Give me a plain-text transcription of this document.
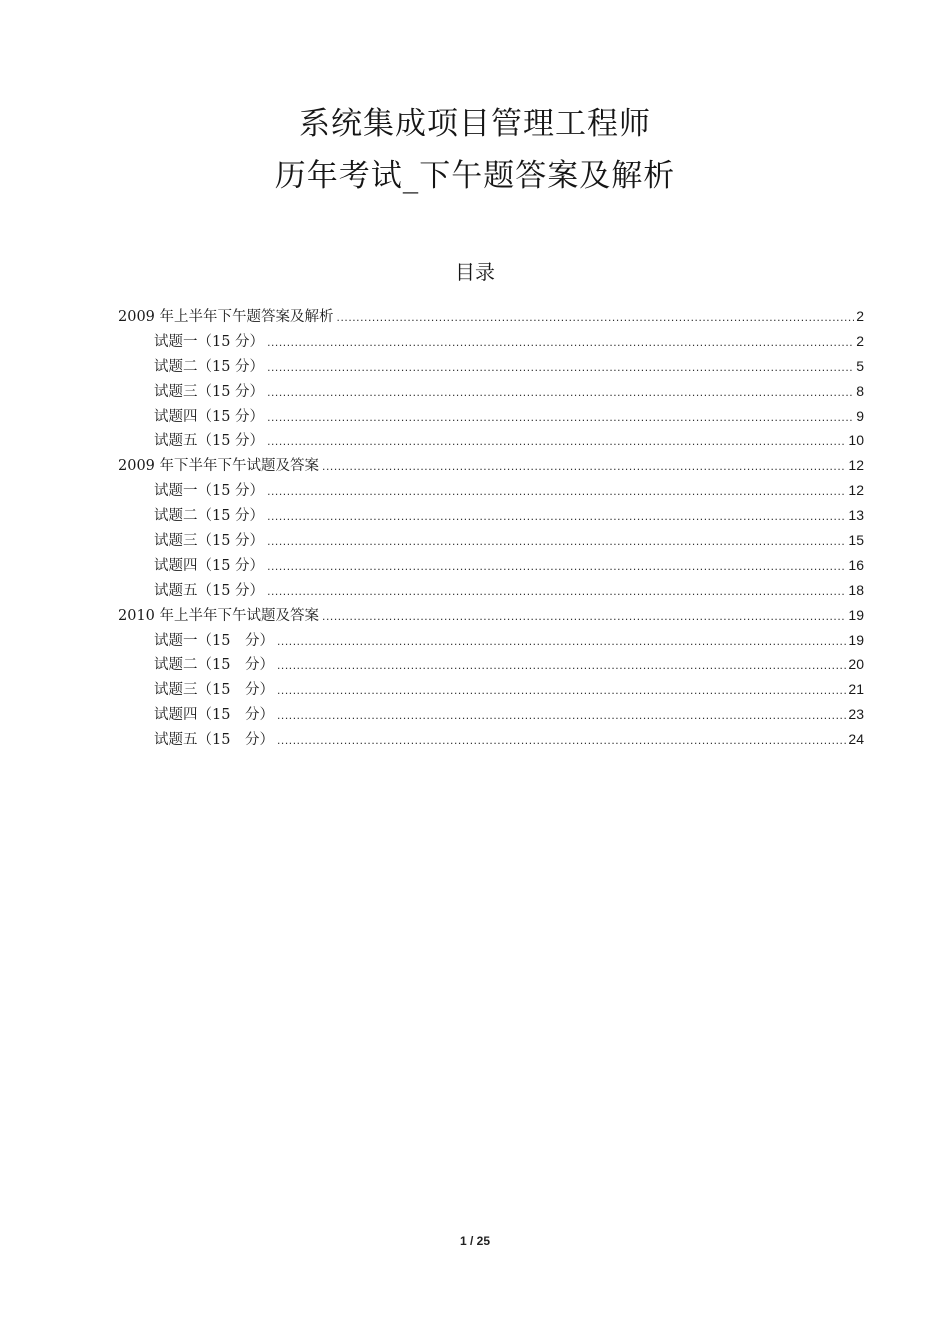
系统集成项目管理工程师
历年考试_下午题答案及解析
目录
2009 年上半年下午题答案及解析 .....	2
试题一（15 分） .....	2
试题二（15 分） .....	5
试题三（15 分） .....	8
试题四（15 分） .....	9
试题五（15 分） .....	10
2009 年下半年下午试题及答案 .....	12
试题一（15 分） .....	12
试题二（15 分） .....	13
试题三（15 分） .....	15
试题四（15 分） .....	16
试题五（15 分） .....	18
2010 年上半年下午试题及答案 .....	19
试题一（15　分） .....	19
试题二（15　分） .....	20
试题三（15　分） .....	21
试题四（15　分） .....	23
试题五（15　分） .....	24
1 / 25
